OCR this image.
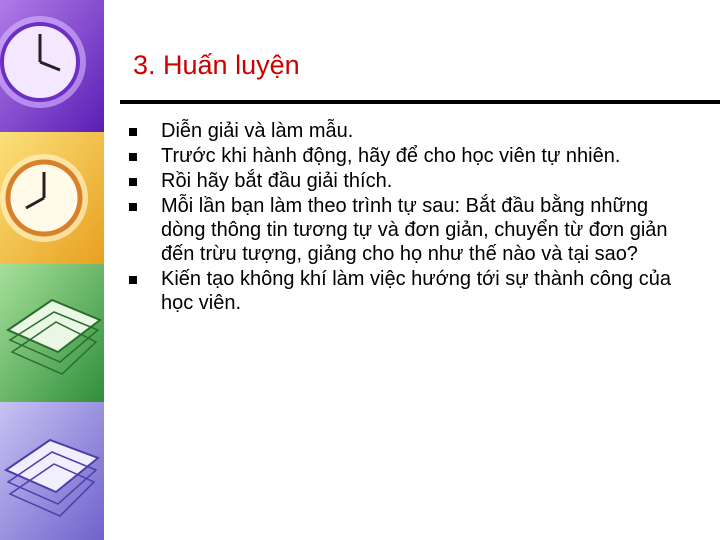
3. Huấn luyện
Diễn giải và làm mẫu.
Trước khi hành động, hãy để cho học viên tự nhiên.
Rồi hãy bắt đầu giải thích.
Mỗi lần bạn làm theo trình tự sau: Bắt đầu bằng những dòng thông tin tương tự và đơn giản, chuyển từ đơn giản đến trừu tượng, giảng cho họ như thế nào và tại sao?
Kiến tạo không khí làm việc hướng tới sự thành công của học viên.
